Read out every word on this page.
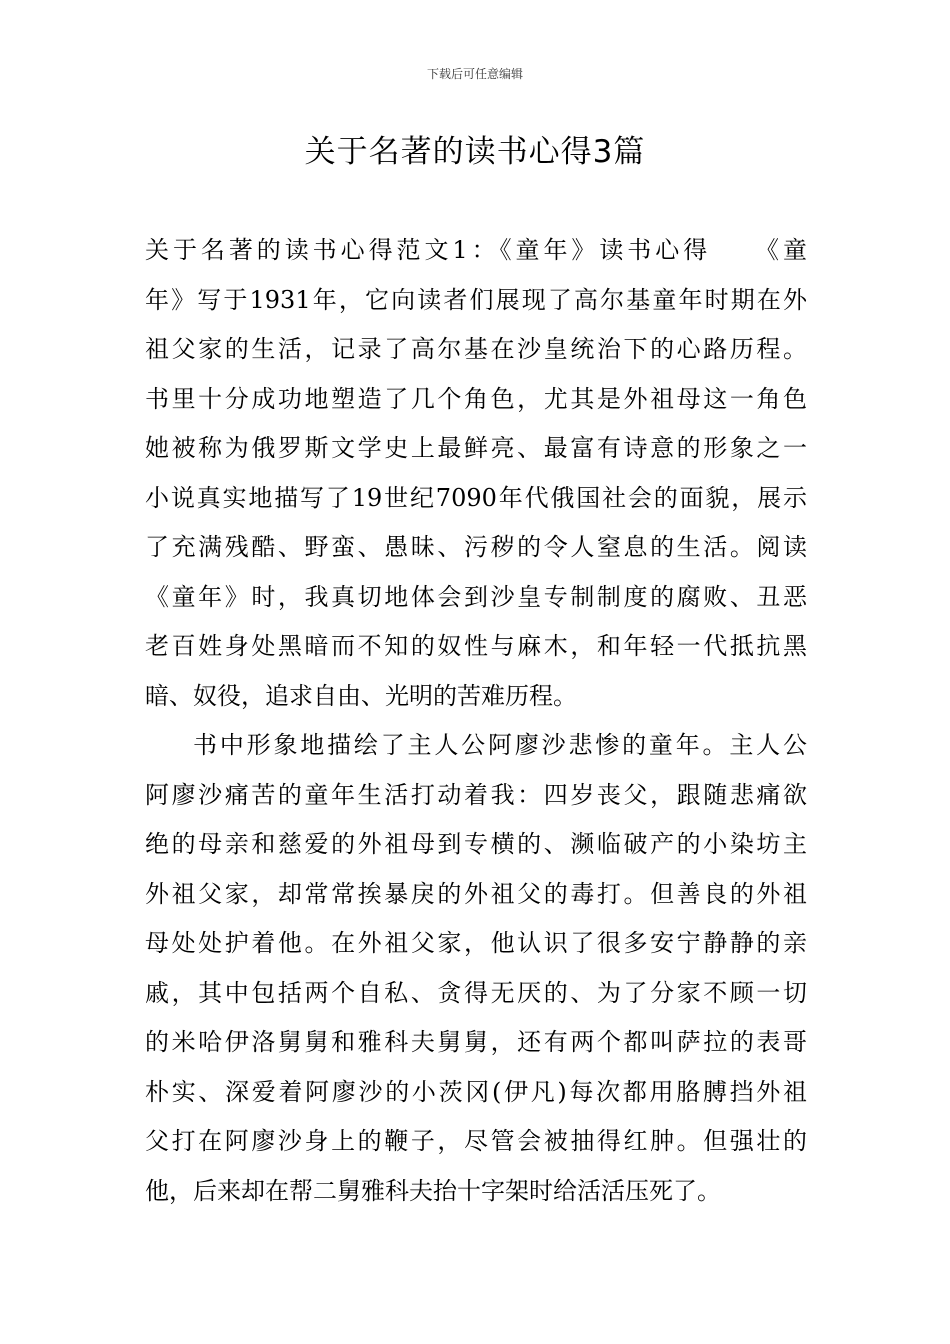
下载后可任意编辑
关于名著的读书心得3篇
关于名著的读书心得范文1：《童年》读书心得　　《童
年》写于1931年，它向读者们展现了高尔基童年时期在外
祖父家的生活，记录了高尔基在沙皇统治下的心路历程。
书里十分成功地塑造了几个角色，尤其是外祖母这一角色
她被称为俄罗斯文学史上最鲜亮、最富有诗意的形象之一
小说真实地描写了19世纪7090年代俄国社会的面貌，展示
了充满残酷、野蛮、愚昧、污秽的令人窒息的生活。阅读
《童年》时，我真切地体会到沙皇专制制度的腐败、丑恶
老百姓身处黑暗而不知的奴性与麻木，和年轻一代抵抗黑
暗、奴役，追求自由、光明的苦难历程。
书中形象地描绘了主人公阿廖沙悲惨的童年。主人公
阿廖沙痛苦的童年生活打动着我：四岁丧父，跟随悲痛欲
绝的母亲和慈爱的外祖母到专横的、濒临破产的小染坊主
外祖父家，却常常挨暴戾的外祖父的毒打。但善良的外祖
母处处护着他。在外祖父家，他认识了很多安宁静静的亲
戚，其中包括两个自私、贪得无厌的、为了分家不顾一切
的米哈伊洛舅舅和雅科夫舅舅，还有两个都叫萨拉的表哥
朴实、深爱着阿廖沙的小茨冈(伊凡)每次都用胳膊挡外祖
父打在阿廖沙身上的鞭子，尽管会被抽得红肿。但强壮的
他，后来却在帮二舅雅科夫抬十字架时给活活压死了。
